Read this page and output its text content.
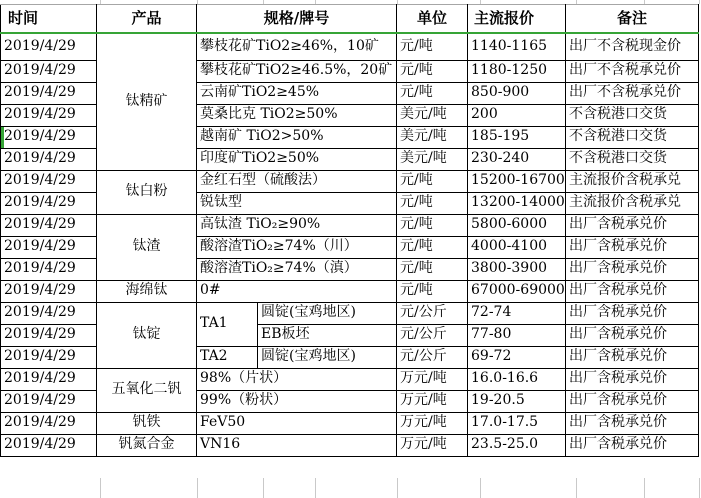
时间	产品	规格/牌号		单位	主流报价	备注
2019/4/29	钛精矿	攀枝花矿TiO2≥46%，10矿		元/吨	1140-1165	出厂不含税现金价
2019/4/29		攀枝花矿TiO2≥46.5%，20矿		元/吨	1180-1250	出厂不含税承兑价
2019/4/29		云南矿TiO2≥45%		元/吨	850-900	出厂不含税承兑价
2019/4/29		莫桑比克 TiO2≥50%		美元/吨	200	不含税港口交货
2019/4/29		越南矿 TiO2>50%		美元/吨	185-195	不含税港口交货
2019/4/29		印度矿TiO2≥50%		美元/吨	230-240	不含税港口交货
2019/4/29	钛白粉	金红石型（硫酸法）		元/吨	15200-16700	主流报价含税承兑
2019/4/29		锐钛型		元/吨	13200-14000	主流报价含税承兑
2019/4/29	钛渣	高钛渣 TiO₂≥90%		元/吨	5800-6000	出厂含税承兑价
2019/4/29		酸溶渣TiO₂≥74%（川）		元/吨	4000-4100	出厂含税承兑价
2019/4/29		酸溶渣TiO₂≥74%（滇）		元/吨	3800-3900	出厂含税承兑价
2019/4/29	海绵钛	0#		元/吨	67000-69000	出厂含税承兑价
2019/4/29	钛锭	TA1	圆锭(宝鸡地区)	元/公斤	72-74	出厂含税承兑价
2019/4/29			EB板坯	元/公斤	77-80	出厂含税承兑价
2019/4/29		TA2	圆锭(宝鸡地区)	元/公斤	69-72	出厂含税承兑价
2019/4/29	五氧化二钒	98%（片状）		万元/吨	16.0-16.6	出厂含税承兑价
2019/4/29		99%（粉状）		万元/吨	19-20.5	出厂含税承兑价
2019/4/29	钒铁	FeV50		万元/吨	17.0-17.5	出厂含税承兑价
2019/4/29	钒氮合金	VN16		万元/吨	23.5-25.0	出厂含税承兑价
